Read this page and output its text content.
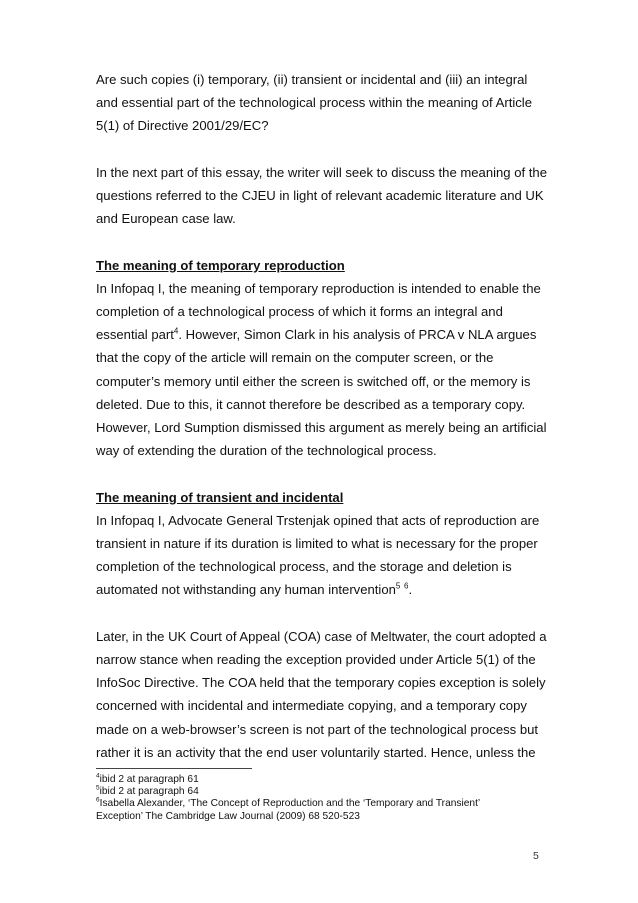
Are such copies (i) temporary, (ii) transient or incidental and (iii) an integral

and essential part of the technological process within the meaning of Article

5(1) of Directive 2001/29/EC?

In the next part of this essay, the writer will seek to discuss the meaning of the

questions referred to the CJEU in light of relevant academic literature and UK

and European case law.

The meaning of temporary reproduction

In Infopaq I, the meaning of temporary reproduction is intended to enable the

completion of a technological process of which it forms an integral and

essential part$^4$. However, Simon Clark in his analysis of PRCA v NLA argues

that the copy of the article will remain on the computer screen, or the

computer’s memory until either the screen is switched off, or the memory is

deleted. Due to this, it cannot therefore be described as a temporary copy.

However, Lord Sumption dismissed this argument as merely being an artificial

way of extending the duration of the technological process.

The meaning of transient and incidental

In Infopaq I, Advocate General Trstenjak opined that acts of reproduction are

transient in nature if its duration is limited to what is necessary for the proper

completion of the technological process, and the storage and deletion is

automated not withstanding any human intervention$^5$ $^6$.

Later, in the UK Court of Appeal (COA) case of Meltwater, the court adopted a

narrow stance when reading the exception provided under Article 5(1) of the

InfoSoc Directive. The COA held that the temporary copies exception is solely

concerned with incidental and intermediate copying, and a temporary copy

made on a web-browser’s screen is not part of the technological process but

rather it is an activity that the end user voluntarily started. Hence, unless the

$^4$ibid 2 at paragraph 61

$^5$ibid 2 at paragraph 64

$^6$Isabella Alexander, ‘The Concept of Reproduction and the ‘Temporary and Transient’

Exception’ The Cambridge Law Journal (2009) 68 520-523

5
